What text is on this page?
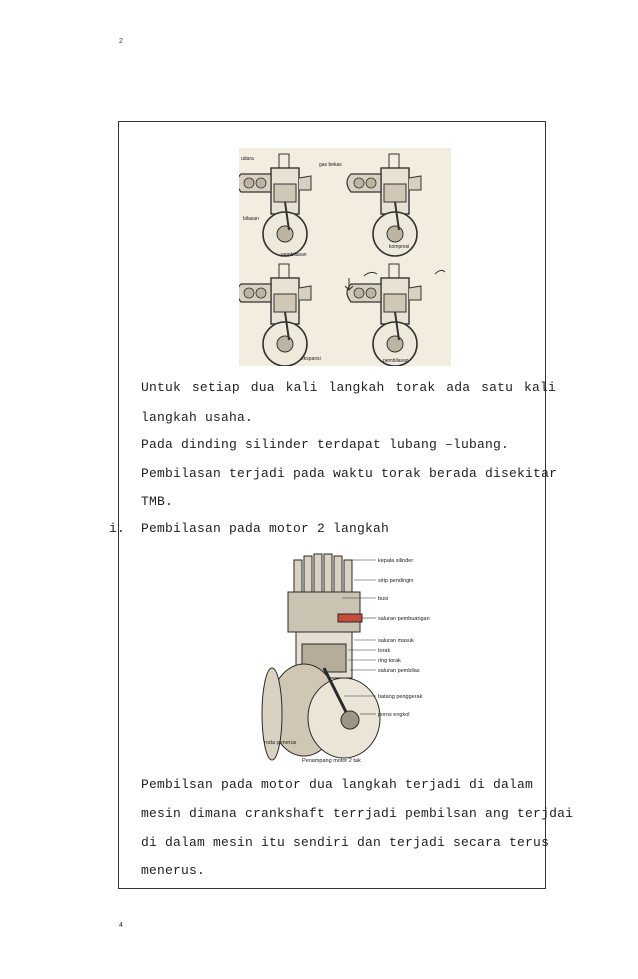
2
udara
gas bekas
bilasan
pembilasan
kompresi
ekspansi	pembilasan
Untuk setiap dua kali langkah torak ada satu kali
langkah usaha.
Pada dinding silinder terdapat lubang –lubang.
Pembilasan terjadi pada waktu torak berada disekitar
TMB.
i. Pembilasan pada motor 2 langkah
kepala silinder
sirip pendingin
busi
saluran pembuangan
saluran masuk
torak
ring torak
saluran pembilas
batang penggerak
poros engkol
roda penerus
Penampang motor 2 tak
Pembilsan pada motor dua langkah terjadi di dalam
mesin dimana crankshaft terrjadi pembilsan ang terjdai
di dalam mesin itu sendiri dan terjadi secara terus
menerus.
4
